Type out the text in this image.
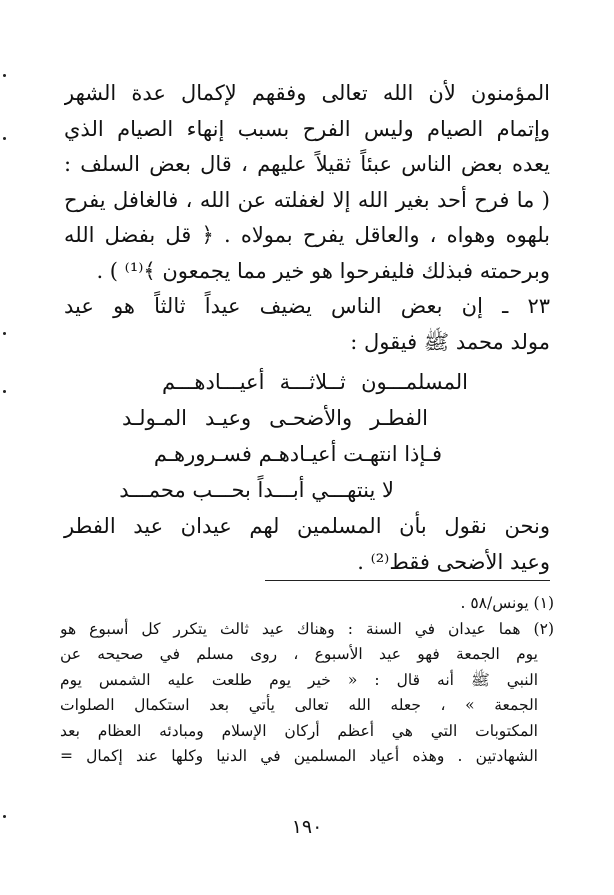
المؤمنون لأن الله تعالى وفقهم لإكمال عدة الشهر
وإتمام الصيام وليس الفرح بسبب إنهاء الصيام الذي
يعده بعض الناس عبئاً ثقيلاً عليهم ، قال بعض السلف :
( ما فرح أحد بغير الله إلا لغفلته عن الله ، فالغافل يفرح
بلهوه وهواه ، والعاقل يفرح بمولاه . ﴿ قل بفضل الله
وبرحمته فبذلك فليفرحوا هو خير مما يجمعون ﴾⁽¹⁾ ) .
٢٣ ـ إن بعض الناس يضيف عيداً ثالثاً هو عيد
مولد محمد ﷺ فيقول :
المسلمـــون ثــلاثـــة أعيـــادهـــم
الفطـر والأضحـى وعيـد المـولـد
فـإذا انتهـت أعيـادهـم فسـرورهـم
لا ينتهـــي أبـــداً بحـــب محمـــد
ونحن نقول بأن المسلمين لهم عيدان عيد الفطر
وعيد الأضحى فقط⁽²⁾ .
(١) يونس/٥٨ .
(٢) هما عيدان في السنة : وهناك عيد ثالث يتكرر كل أسبوع هو
يوم الجمعة فهو عيد الأسبوع ، روى مسلم في صحيحه عن
النبي ﷺ أنه قال : « خير يوم طلعت عليه الشمس يوم
الجمعة » ، جعله الله تعالى يأتي بعد استكمال الصلوات
المكتوبات التي هي أعظم أركان الإسلام ومبادئه العظام بعد
الشهادتين . وهذه أعياد المسلمين في الدنيا وكلها عند إكمال =
١٩٠
